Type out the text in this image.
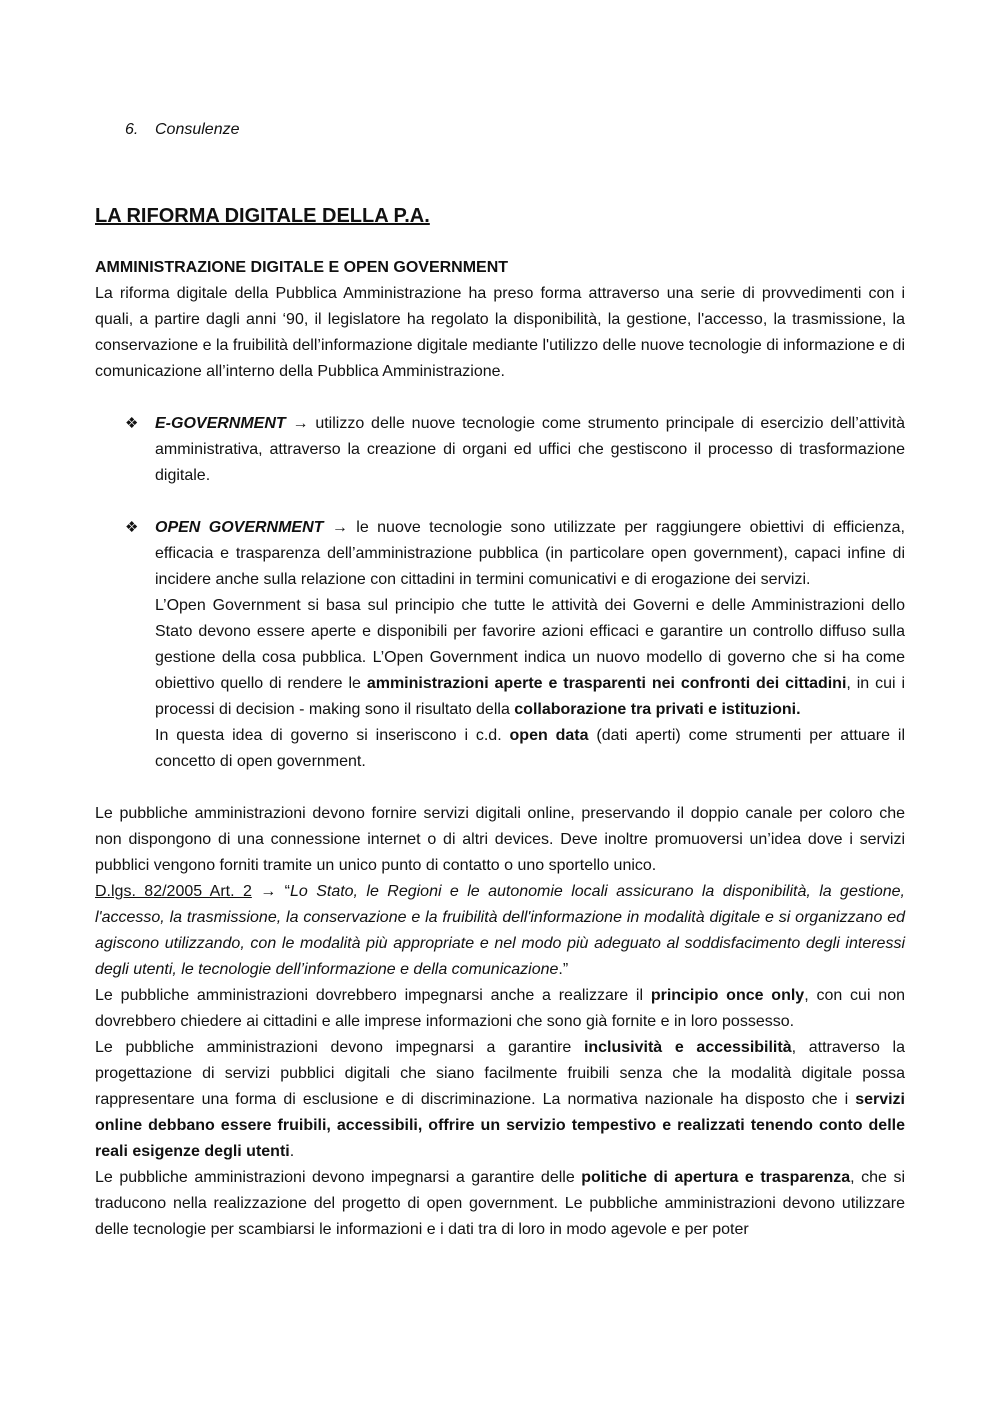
6. Consulenze
LA RIFORMA DIGITALE DELLA P.A.
AMMINISTRAZIONE DIGITALE E OPEN GOVERNMENT

La riforma digitale della Pubblica Amministrazione ha preso forma attraverso una serie di provvedimenti con i quali, a partire dagli anni ‘90, il legislatore ha regolato la disponibilità, la gestione, l'accesso, la trasmissione, la conservazione e la fruibilità dell’informazione digitale mediante l'utilizzo delle nuove tecnologie di informazione e di comunicazione all’interno della Pubblica Amministrazione.

❖ E-GOVERNMENT → utilizzo delle nuove tecnologie come strumento principale di esercizio dell’attività amministrativa, attraverso la creazione di organi ed uffici che gestiscono il processo di trasformazione digitale.

❖ OPEN GOVERNMENT → le nuove tecnologie sono utilizzate per raggiungere obiettivi di efficienza, efficacia e trasparenza dell’amministrazione pubblica (in particolare open government), capaci infine di incidere anche sulla relazione con cittadini in termini comunicativi e di erogazione dei servizi.

L’Open Government si basa sul principio che tutte le attività dei Governi e delle Amministrazioni dello Stato devono essere aperte e disponibili per favorire azioni efficaci e garantire un controllo diffuso sulla gestione della cosa pubblica. L’Open Government indica un nuovo modello di governo che si ha come obiettivo quello di rendere le amministrazioni aperte e trasparenti nei confronti dei cittadini, in cui i processi di decision - making sono il risultato della collaborazione tra privati e istituzioni.

In questa idea di governo si inseriscono i c.d. open data (dati aperti) come strumenti per attuare il concetto di open government.

Le pubbliche amministrazioni devono fornire servizi digitali online, preservando il doppio canale per coloro che non dispongono di una connessione internet o di altri devices. Deve inoltre promuoversi un’idea dove i servizi pubblici vengono forniti tramite un unico punto di contatto o uno sportello unico.

D.lgs. 82/2005 Art. 2 → “Lo Stato, le Regioni e le autonomie locali assicurano la disponibilità, la gestione, l'accesso, la trasmissione, la conservazione e la fruibilità dell'informazione in modalità digitale e si organizzano ed agiscono utilizzando, con le modalità più appropriate e nel modo più adeguato al soddisfacimento degli interessi degli utenti, le tecnologie dell’informazione e della comunicazione.”

Le pubbliche amministrazioni dovrebbero impegnarsi anche a realizzare il principio once only, con cui non dovrebbero chiedere ai cittadini e alle imprese informazioni che sono già fornite e in loro possesso.

Le pubbliche amministrazioni devono impegnarsi a garantire inclusività e accessibilità, attraverso la progettazione di servizi pubblici digitali che siano facilmente fruibili senza che la modalità digitale possa rappresentare una forma di esclusione e di discriminazione. La normativa nazionale ha disposto che i servizi online debbano essere fruibili, accessibili, offrire un servizio tempestivo e realizzati tenendo conto delle reali esigenze degli utenti.

Le pubbliche amministrazioni devono impegnarsi a garantire delle politiche di apertura e trasparenza, che si traducono nella realizzazione del progetto di open government. Le pubbliche amministrazioni devono utilizzare delle tecnologie per scambiarsi le informazioni e i dati tra di loro in modo agevole e per poter
